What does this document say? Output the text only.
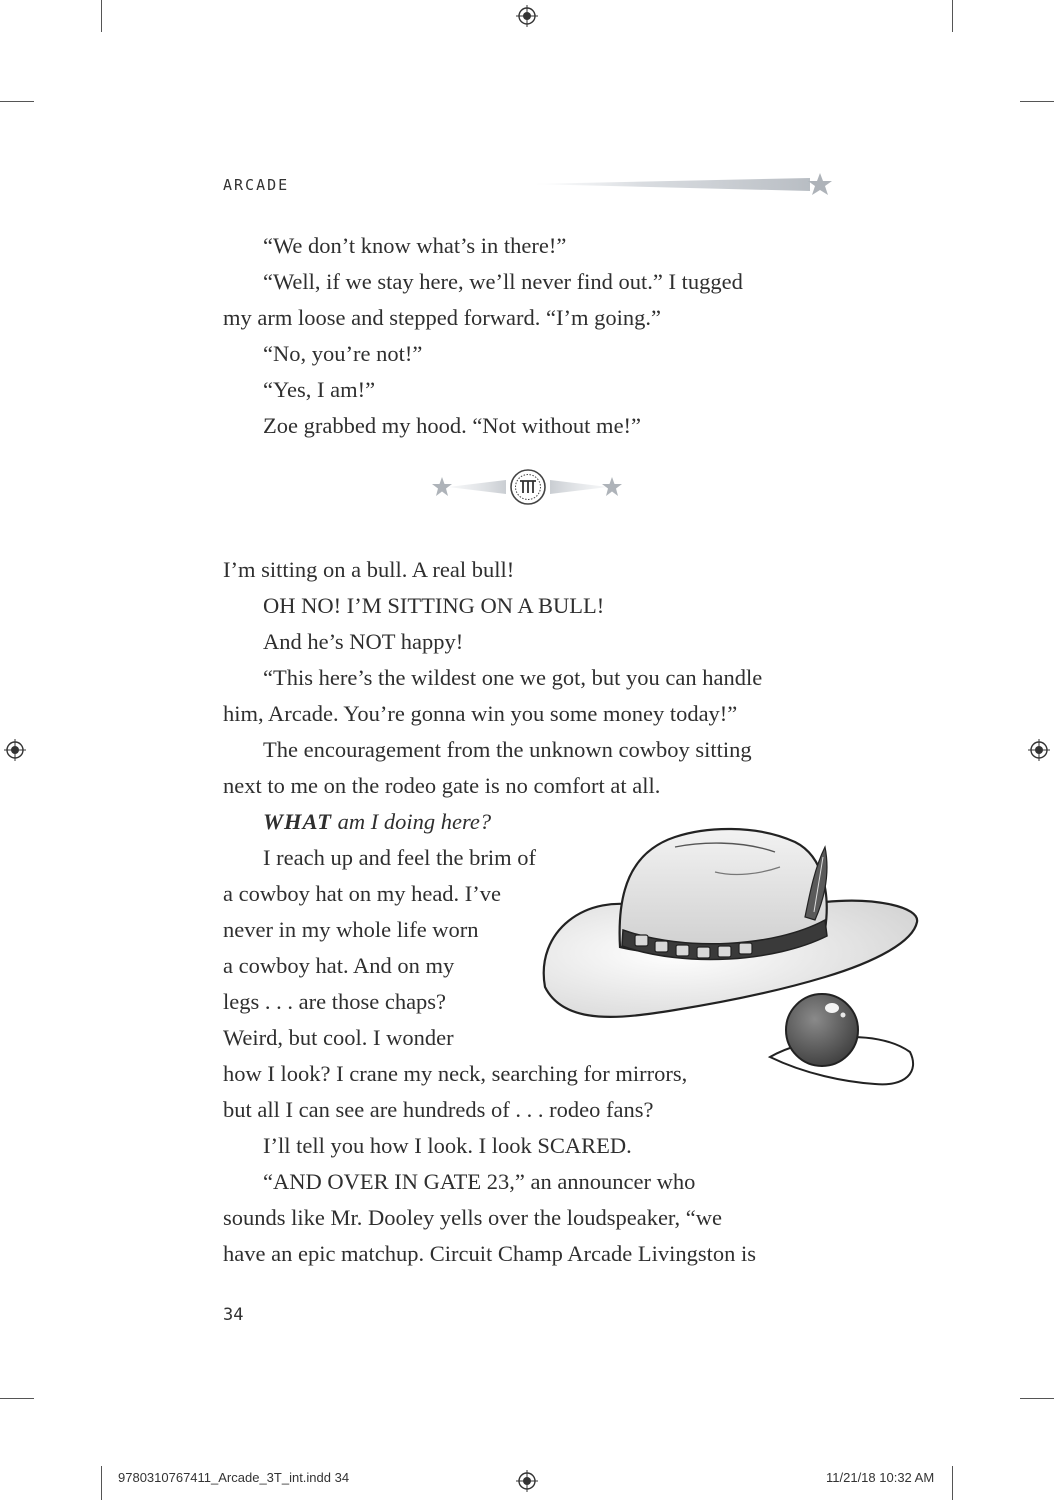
ARCADE
“We don’t know what’s in there!”
“Well, if we stay here, we’ll never find out.” I tugged
my arm loose and stepped forward. “I’m going.”
“No, you’re not!”
“Yes, I am!”
Zoe grabbed my hood. “Not without me!”
I’m sitting on a bull. A real bull!
OH NO! I’M SITTING ON A BULL!
And he’s NOT happy!
“This here’s the wildest one we got, but you can handle
him, Arcade. You’re gonna win you some money today!”
The encouragement from the unknown cowboy sitting
next to me on the rodeo gate is no comfort at all.
WHAT am I doing here?
I reach up and feel the brim of
a cowboy hat on my head. I’ve
never in my whole life worn
a cowboy hat. And on my
legs . . . are those chaps?
Weird, but cool. I wonder
how I look? I crane my neck, searching for mirrors,
but all I can see are hundreds of . . . rodeo fans?
I’ll tell you how I look. I look SCARED.
“AND OVER IN GATE 23,” an announcer who
sounds like Mr. Dooley yells over the loudspeaker, “we
have an epic matchup. Circuit Champ Arcade Livingston is
34
9780310767411_Arcade_3T_int.indd 34	11/21/18 10:32 AM
